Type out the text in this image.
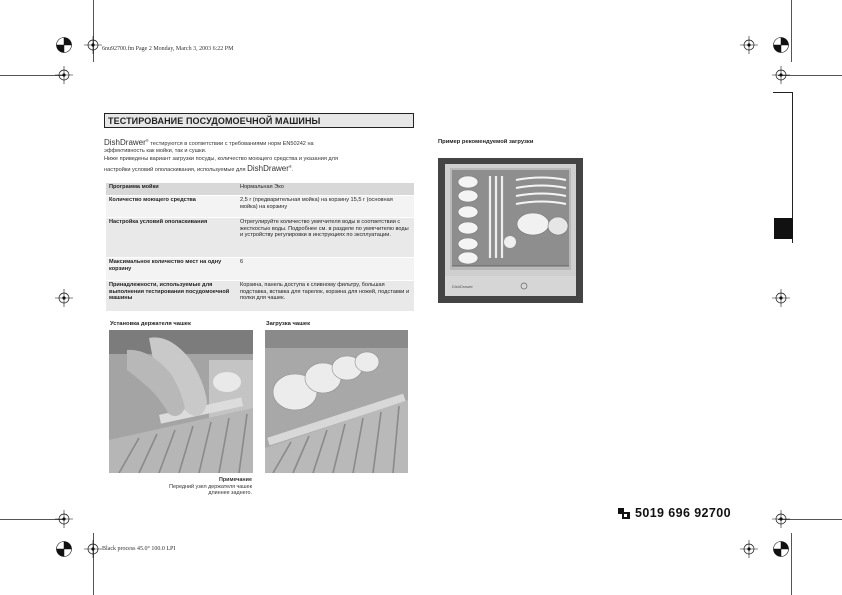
6nu92700.fm Page 2 Monday, March 3, 2003 6:22 PM
Black process 45.0° 100.0 LPI
ТЕСТИРОВАНИЕ ПОСУДОМОЕЧНОЙ МАШИНЫ
DishDrawer® тестируются в соответствии с требованиями норм EN50242 на
эффективность как мойки, так и сушки.
Ниже приведены вариант загрузки посуды, количество моющего средства и указания для
настройки условий ополаскивания, используемые для DishDrawer®.
Программа мойки	Нормальная Эко
Количество моющего средства	2,5 г (предварительная мойка) на корзину 15,5 г (основная мойка) на корзину
Настройка условий ополаскивания	Отрегулируйте количество умягчителя воды в соответствии с жесткостью воды. Подробнее см. в разделе по умягчителю воды и устройству регулировки в инструкциях по эксплуатации.
Максимальное количество мест на одну корзину	6
Принадлежности, используемые для выполнения тестирования посудомоечной машины	Корзина, панель доступа к сливному фильтру, большая подставка, вставка для тарелок, корзина для ножей, подставки и полки для чашек.
Пример рекомендуемой загрузки
DishDrawer
Установка держателя чашек	Загрузка чашек
Примечание
Передний узел держателя чашек
длиннее заднего.
5019 696 92700
